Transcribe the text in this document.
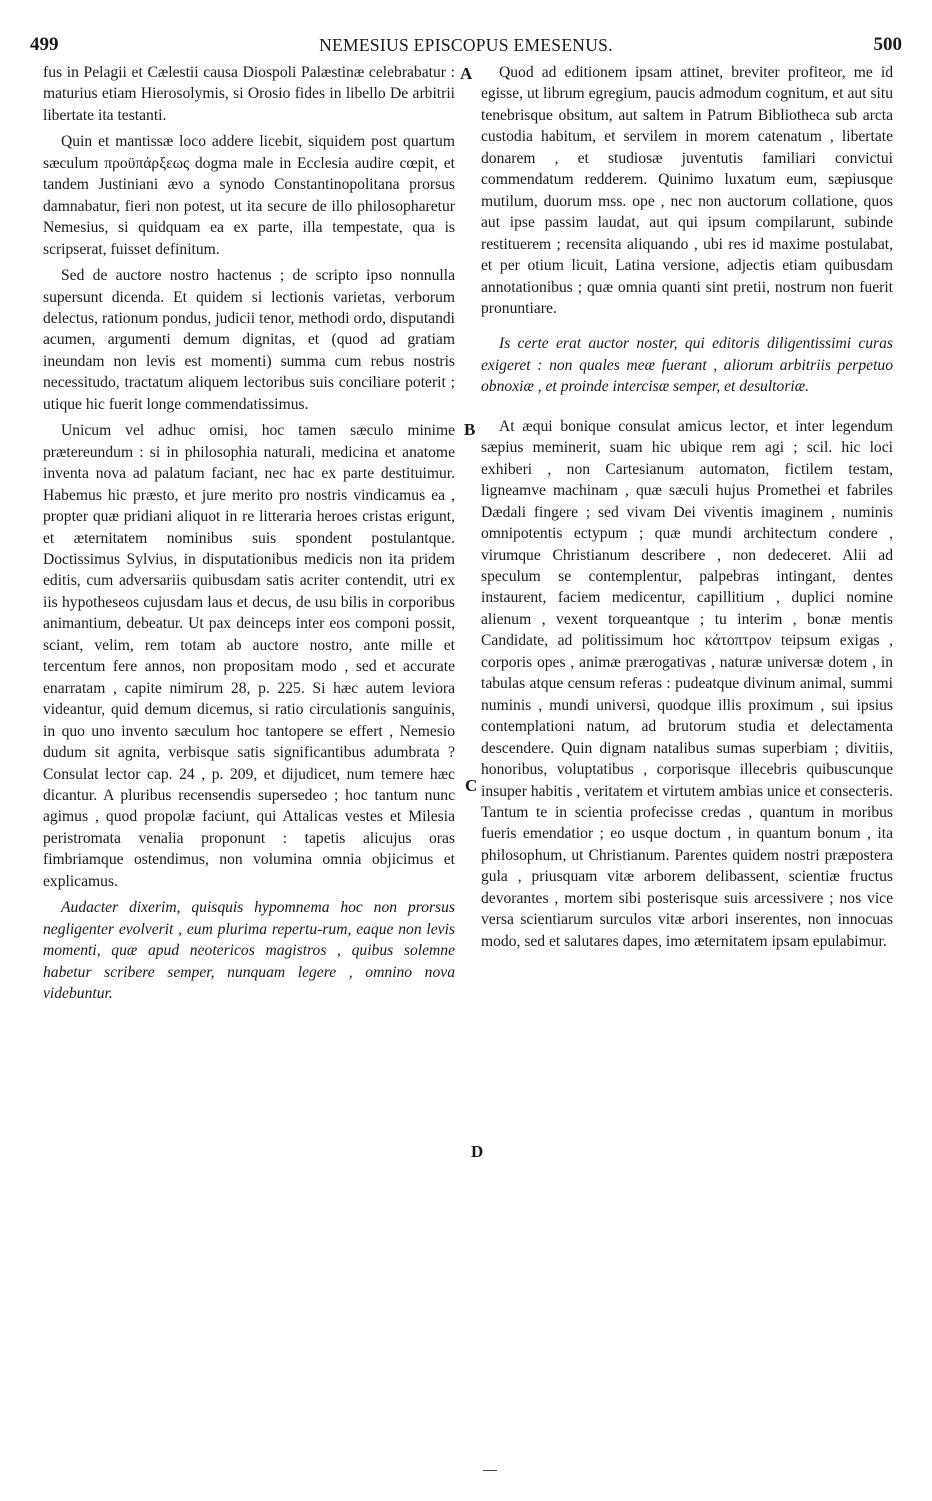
499	NEMESIUS EPISCOPUS EMESENUS.	500

fus in Pelagii et Cælestii causa Diospoli Palæstinæ celebrabatur : maturius etiam Hierosolymis, si Orosio fides in libello De arbitrii libertate ita testanti.

Quin et mantissæ loco addere licebit, siquidem post quartum sæculum προϋπάρξεως dogma male in Ecclesia audire cœpit, et tandem Justiniani ævo a synodo Constantinopolitana prorsus damnabatur, fieri non potest, ut ita secure de illo philosopharetur Nemesius, si quidquam ea ex parte, illa tempestate, qua is scripserat, fuisset definitum.

Sed de auctore nostro hactenus ; de scripto ipso nonnulla supersunt dicenda. Et quidem si lectionis varietas, verborum delectus, rationum pondus, judicii tenor, methodi ordo, disputandi acumen, argumenti demum dignitas, et (quod ad gratiam ineundam non levis est momenti) summa cum rebus nostris necessitudo, tractatum aliquem lectoribus suis conciliare poterit ; utique hic fuerit longe commendatissimus.

Unicum vel adhuc omisi, hoc tamen sæculo minime prætereundum : si in philosophia naturali, medicina et anatome inventa nova ad palatum faciant, nec hac ex parte destituimur. Habemus hic præsto, et jure merito pro nostris vindicamus ea , propter quæ pridiani aliquot in re litteraria heroes cristas erigunt, et æternitatem nominibus suis spondent postulantque. Doctissimus Sylvius, in disputationibus medicis non ita pridem editis, cum adversariis quibusdam satis acriter contendit, utri ex iis hypotheseos cujusdam laus et decus, de usu bilis in corporibus animantium, debeatur. Ut pax deinceps inter eos componi possit, sciant, velim, rem totam ab auctore nostro, ante mille et tercentum fere annos, non propositam modo , sed et accurate enarratam , capite nimirum 28, p. 225. Si hæc autem leviora videantur, quid demum dicemus, si ratio circulationis sanguinis, in quo uno invento sæculum hoc tantopere se effert , Nemesio dudum sit agnita, verbisque satis significantibus adumbrata ? Consulat lector cap. 24 , p. 209, et dijudicet, num temere hæc dicantur. A pluribus recensendis supersedeo ; hoc tantum nunc agimus , quod propolæ faciunt, qui Attalicas vestes et Milesia peristromata venalia proponunt : tapetis alicujus oras fimbriamque ostendimus, non volumina omnia objicimus et explicamus.

Audacter dixerim, quisquis hypomnema hoc non prorsus negligenter evolverit , eum plurima repertu-rum, eaque non levis momenti, quæ apud neotericos magistros , quibus solemne habetur scribere semper, nunquam legere , omnino nova videbuntur.

Quod ad editionem ipsam attinet, breviter profiteor, me id egisse, ut librum egregium, paucis admodum cognitum, et aut situ tenebrisque obsitum, aut saltem in Patrum Bibliotheca sub arcta custodia habitum, et servilem in morem catenatum , libertate donarem , et studiosæ juventutis familiari convictui commendatum redderem. Quinimo luxatum eum, sæpiusque mutilum, duorum mss. ope , nec non auctorum collatione, quos aut ipse passim laudat, aut qui ipsum compilarunt, subinde restituerem ; recensita aliquando , ubi res id maxime postulabat, et per otium licuit, Latina versione, adjectis etiam quibusdam annotationibus ; quæ omnia quanti sint pretii, nostrum non fuerit pronuntiare.

Is certe erat auctor noster, qui editoris diligentissimi curas exigeret : non quales meæ fuerant , aliorum arbitriis perpetuo obnoxiæ , et proinde intercisæ semper, et desultoriæ.

At æqui bonique consulat amicus lector, et inter legendum sæpius meminerit, suam hic ubique rem agi ; scil. hic loci exhiberi , non Cartesianum automaton, fictilem testam, ligneamve machinam , quæ sæculi hujus Promethei et fabriles Dædali fingere ; sed vivam Dei viventis imaginem , numinis omnipotentis ectypum ; quæ mundi architectum condere , virumque Christianum describere , non dedeceret. Alii ad speculum se contemplentur, palpebras intingant, dentes instaurent, faciem medicentur, capillitium , duplici nomine alienum , vexent torqueantque ; tu interim , bonæ mentis Candidate, ad politissimum hoc κάτοπτρον teipsum exigas , corporis opes , animæ prærogativas , naturæ universæ dotem , in tabulas atque censum referas : pudeatque divinum animal, summi numinis , mundi universi, quodque illis proximum , sui ipsius contemplationi natum, ad brutorum studia et delectamenta descendere. Quin dignam natalibus sumas superbiam ; divitiis, honoribus, voluptatibus , corporisque illecebris quibuscunque insuper habitis , veritatem et virtutem ambias unice et consecteris. Tantum te in scientia profecisse credas , quantum in moribus fueris emendatior ; eo usque doctum , in quantum bonum , ita philosophum, ut Christianum. Parentes quidem nostri præpostera gula , priusquam vitæ arborem delibassent, scientiæ fructus devorantes , mortem sibi posterisque suis arcessivere ; nos vice versa scientiarum surculos vitæ arbori inserentes, non innocuas modo, sed et salutares dapes, imo æternitatem ipsam epulabimur.

A
B
C
D
